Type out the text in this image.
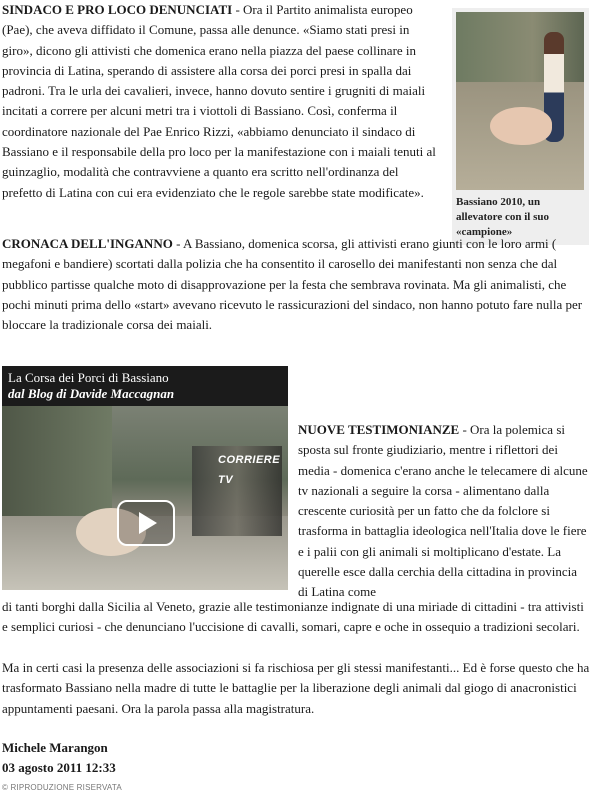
SINDACO E PRO LOCO DENUNCIATI - Ora il Partito animalista europeo (Pae), che aveva diffidato il Comune, passa alle denunce. «Siamo stati presi in giro», dicono gli attivisti che domenica erano nella piazza del paese collinare in provincia di Latina, sperando di assistere alla corsa dei porci presi in spalla dai padroni. Tra le urla dei cavalieri, invece, hanno dovuto sentire i grugniti di maiali incitati a correre per alcuni metri tra i viottoli di Bassiano. Così, conferma il coordinatore nazionale del Pae Enrico Rizzi, «abbiamo denunciato il sindaco di Bassiano e il responsabile della pro loco per la manifestazione con i maiali tenuti al guinzaglio, modalità che contravviene a quanto era scritto nell'ordinanza del prefetto di Latina con cui era evidenziato che le regole sarebbe state modificate».

Bassiano 2010, un allevatore con il suo «campione»

CRONACA DELL'INGANNO - A Bassiano, domenica scorsa, gli attivisti erano giunti con le loro armi ( megafoni e bandiere) scortati dalla polizia che ha consentito il carosello dei manifestanti non senza che dal pubblico partisse qualche moto di disapprovazione per la festa che sembrava rovinata. Ma gli animalisti, che pochi minuti prima dello «start» avevano ricevuto le rassicurazioni del sindaco, non hanno potuto fare nulla per bloccare la tradizionale corsa dei maiali.

CORRIERE TV
La Corsa dei Porci di Bassiano
dal Blog di Davide Maccagnan

NUOVE TESTIMONIANZE - Ora la polemica si sposta sul fronte giudiziario, mentre i riflettori dei media - domenica c'erano anche le telecamere di alcune tv nazionali a seguire la corsa - alimentano dalla crescente curiosità per un fatto che da folclore si trasforma in battaglia ideologica nell'Italia dove le fiere e i palii con gli animali si moltiplicano d'estate. La querelle esce dalla cerchia della cittadina in provincia di Latina come

di tanti borghi dalla Sicilia al Veneto, grazie alle testimonianze indignate di una miriade di cittadini - tra attivisti e semplici curiosi - che denunciano l'uccisione di cavalli, somari, capre e oche in ossequio a tradizioni secolari.

Ma in certi casi la presenza delle associazioni si fa rischiosa per gli stessi manifestanti... Ed è forse questo che ha trasformato Bassiano nella madre di tutte le battaglie per la liberazione degli animali dal giogo di anacronistici appuntamenti paesani. Ora la parola passa alla magistratura.

Michele Marangon
03 agosto 2011 12:33
© RIPRODUZIONE RISERVATA
